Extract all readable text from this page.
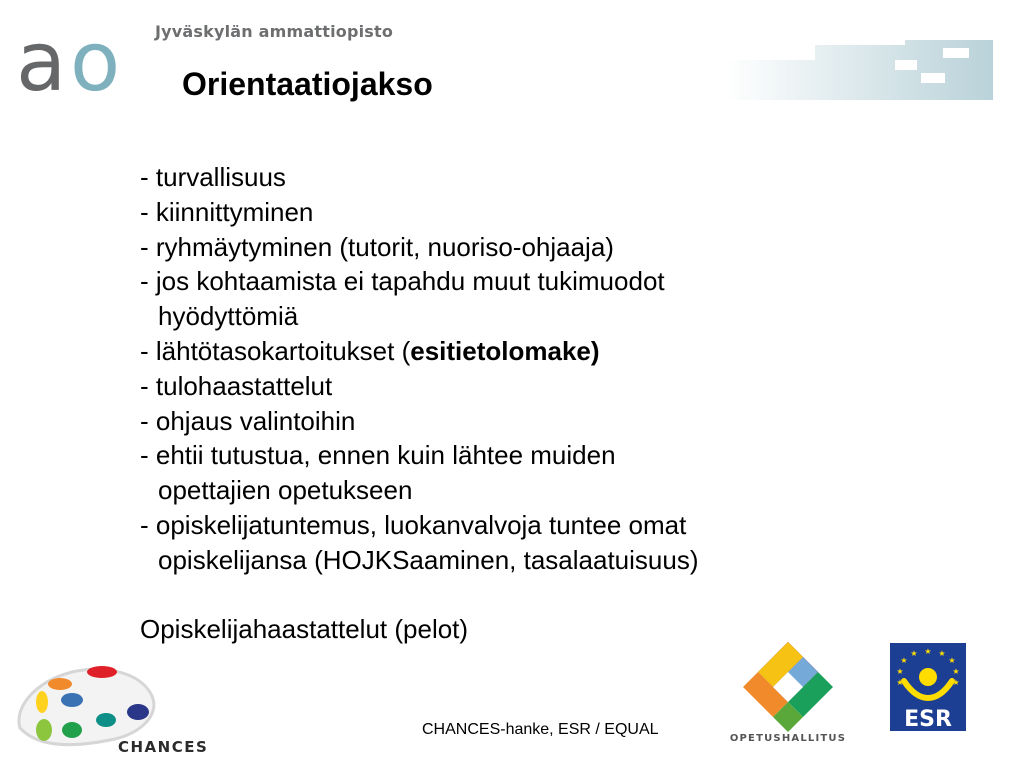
Jyväskylän ammattiopisto
a o Orientaatiojakso
- turvallisuus
- kiinnittyminen
- ryhmäytyminen (tutorit, nuoriso-ohjaaja)
- jos kohtaamista ei tapahdu muut tukimuodot
hyödyttömiä
- lähtötasokartoitukset (esitietolomake)
- tulohaastattelut
- ohjaus valintoihin
- ehtii tutustua, ennen kuin lähtee muiden
opettajien opetukseen
- opiskelijatuntemus, luokanvalvoja tuntee omat
opiskelijansa (HOJKSaaminen, tasalaatuisuus)
Opiskelijahaastattelut (pelot)
CHANCES
CHANCES-hanke, ESR / EQUAL
OPETUSHALLITUS
★ ★
★
★
★
★
★
★	★
ESR
